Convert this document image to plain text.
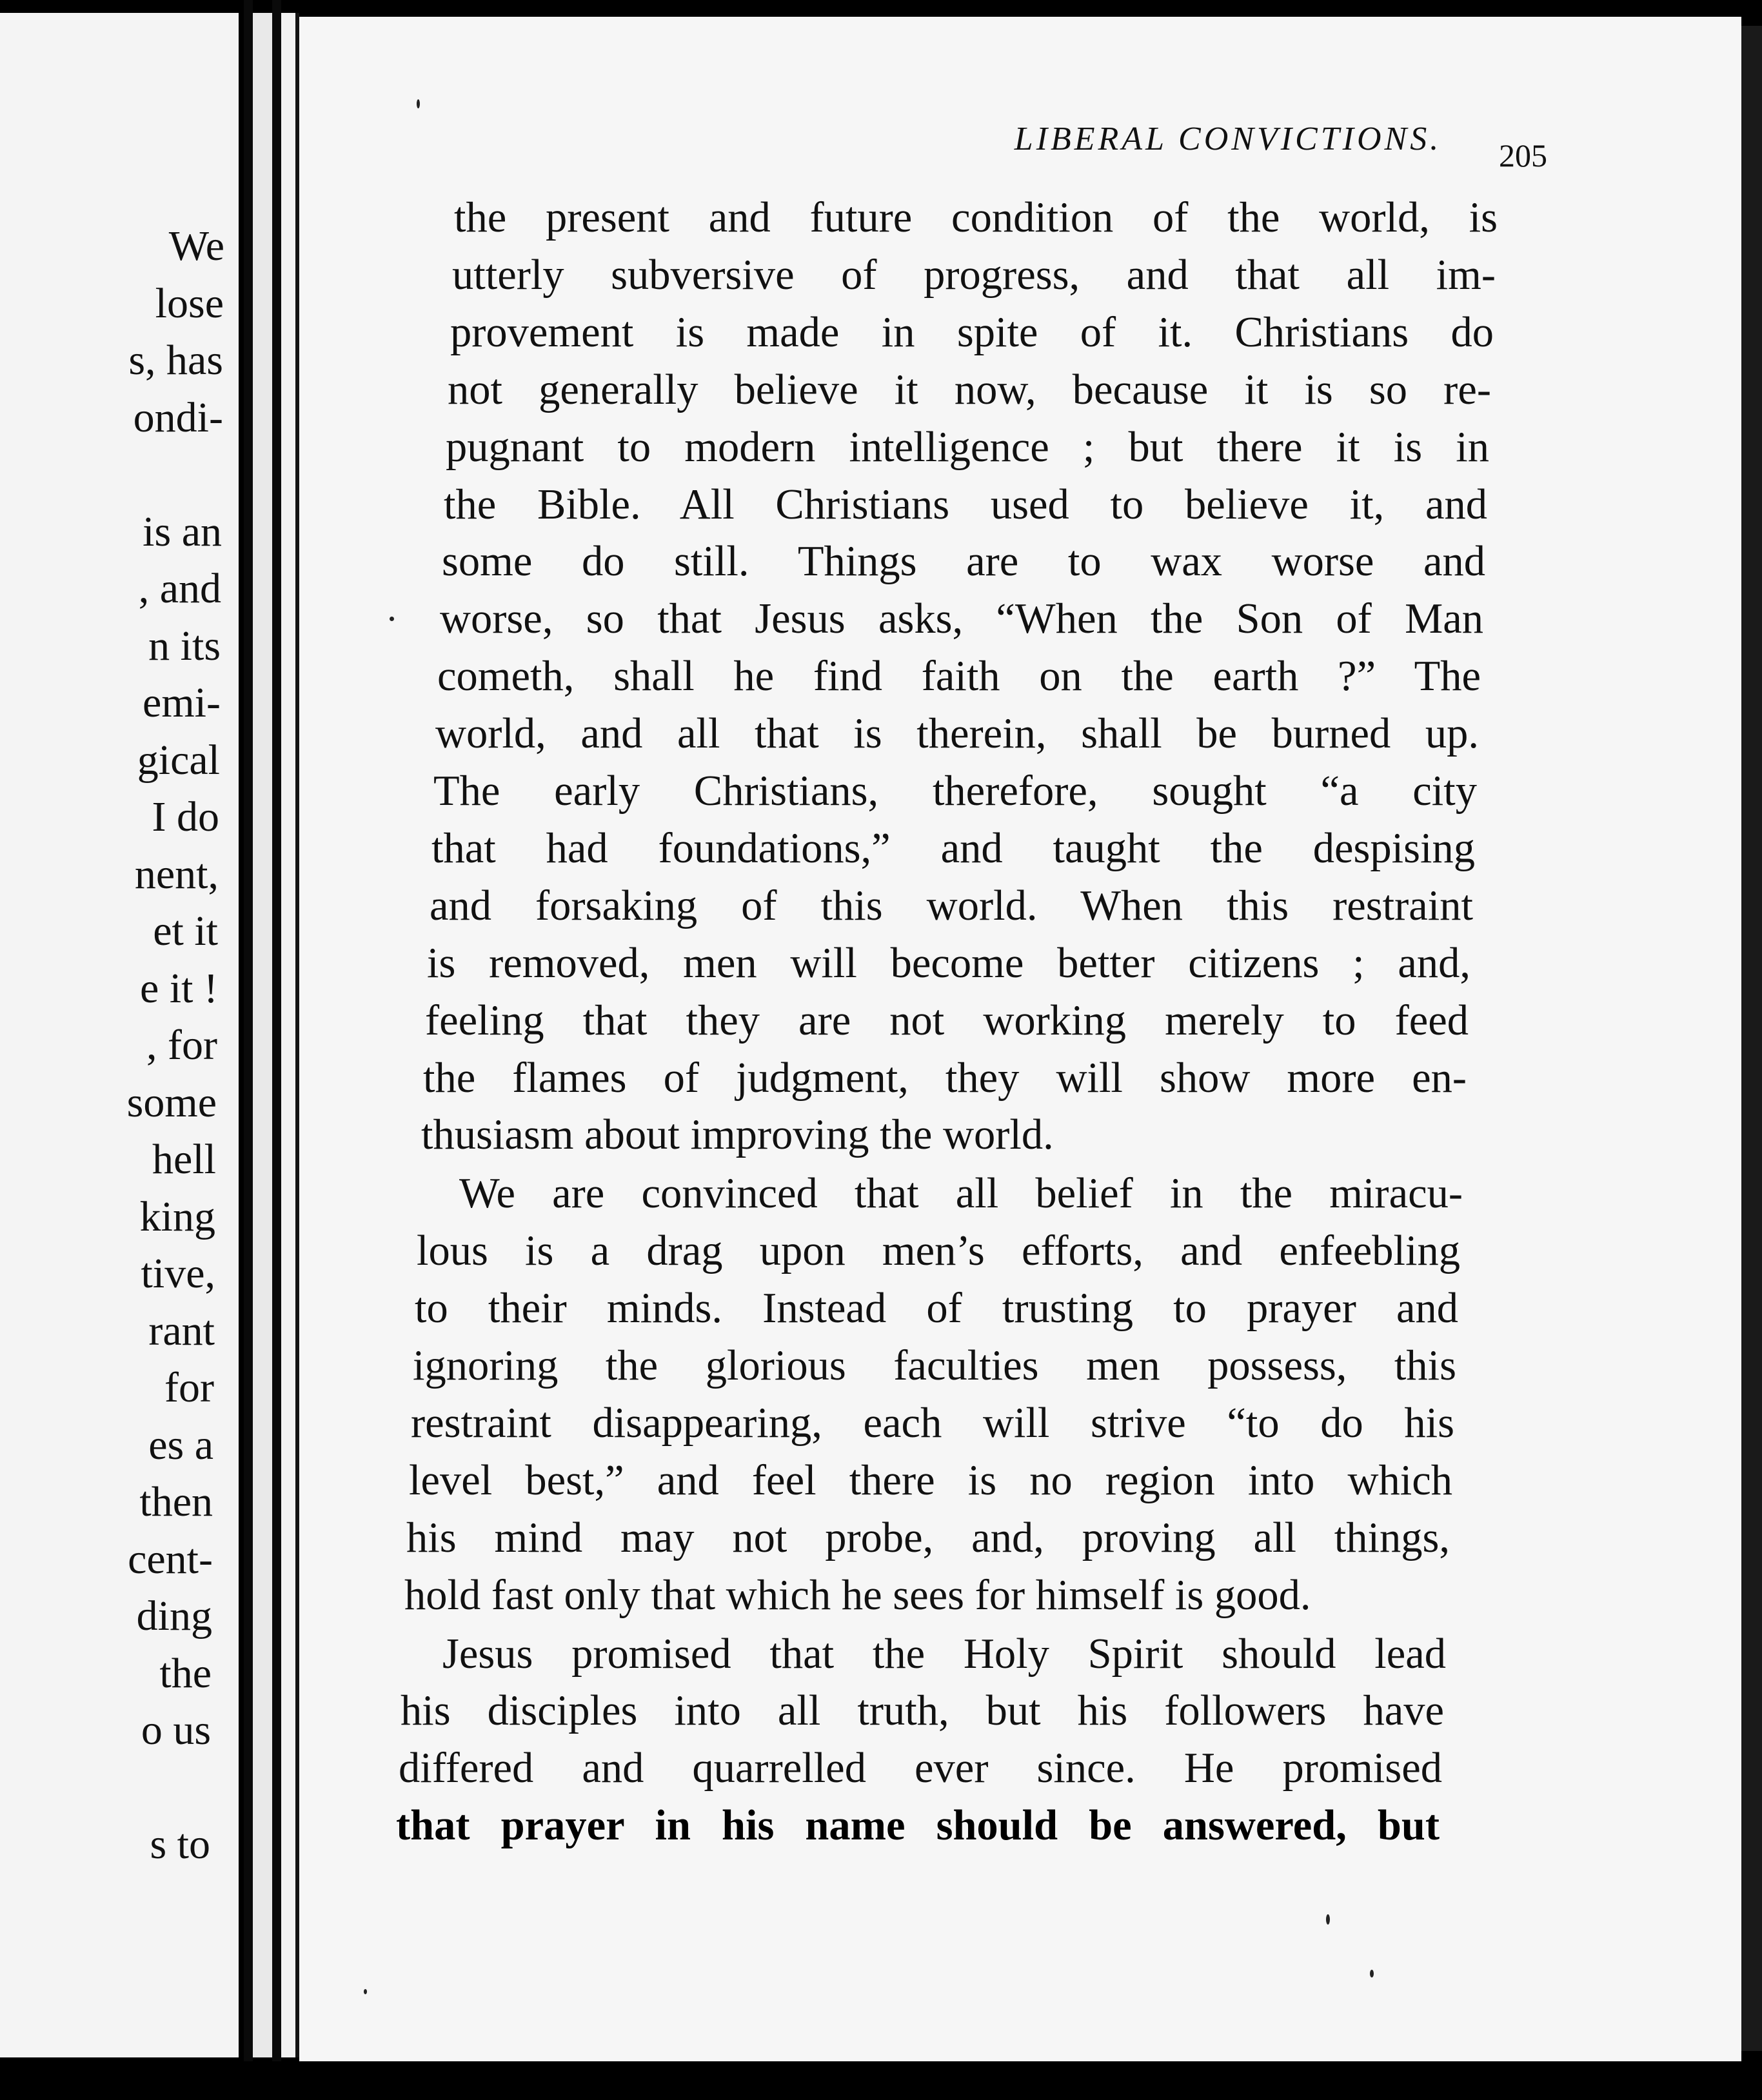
We
lose
s, has
ondi-
is an
, and
n its
emi-
gical
I do
nent,
et it
e it !
, for
some
hell
king
tive,
rant
for
es a
then
cent-
ding
the
o us
s to
LIBERAL CONVICTIONS.	205
the present and future condition of the world, is
utterly subversive of progress, and that all im-
provement is made in spite of it. Christians do
not generally believe it now, because it is so re-
pugnant to modern intelligence ; but there it is in
the Bible. All Christians used to believe it, and
some do still. Things are to wax worse and
worse, so that Jesus asks, “When the Son of Man
cometh, shall he find faith on the earth ?” The
world, and all that is therein, shall be burned up.
The early Christians, therefore, sought “a city
that had foundations,” and taught the despising
and forsaking of this world. When this restraint
is removed, men will become better citizens ; and,
feeling that they are not working merely to feed
the flames of judgment, they will show more en-
thusiasm about improving the world.
We are convinced that all belief in the miracu-
lous is a drag upon men’s efforts, and enfeebling
to their minds. Instead of trusting to prayer and
ignoring the glorious faculties men possess, this
restraint disappearing, each will strive “to do his
level best,” and feel there is no region into which
his mind may not probe, and, proving all things,
hold fast only that which he sees for himself is good.
Jesus promised that the Holy Spirit should lead
his disciples into all truth, but his followers have
differed and quarrelled ever since. He promised
that prayer in his name should be answered, but
